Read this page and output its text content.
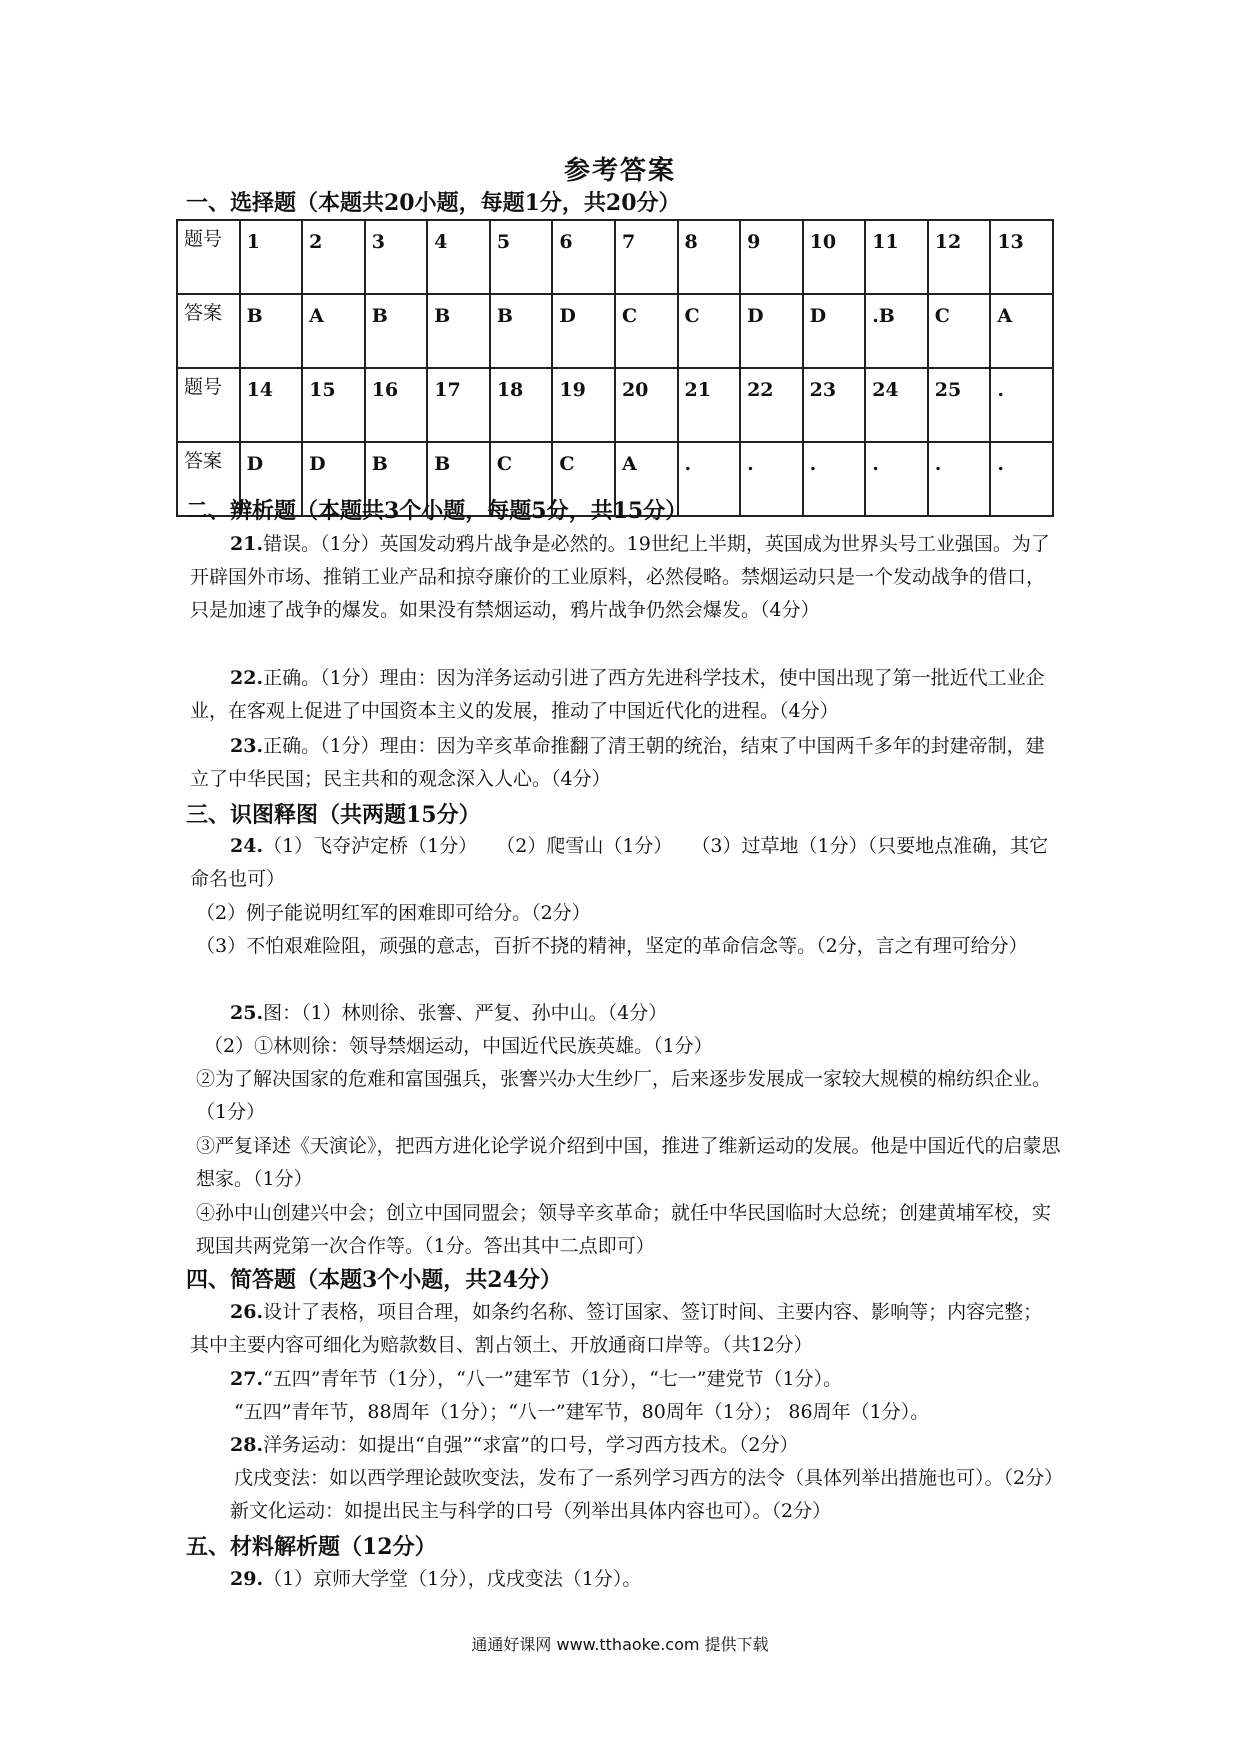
参考答案
一、选择题（本题共20小题，每题1分，共20分）
题号	1	2	3	4	5	6	7	8	9	10	11	12	13
答案	B	A	B	B	B	D	C	C	D	D	.B	C	A
题号	14	15	16	17	18	19	20	21	22	23	24	25	.
答案	D	D	B	B	C	C	A	.	.	.	.	.	.
二、辨析题（本题共3个小题，每题5分，共15分）
21.错误。（1分）英国发动鸦片战争是必然的。19世纪上半期，英国成为世界头号工业强国。为了开辟国外市场、推销工业产品和掠夺廉价的工业原料，必然侵略。禁烟运动只是一个发动战争的借口，只是加速了战争的爆发。如果没有禁烟运动，鸦片战争仍然会爆发。（4分）
22.正确。（1分）理由：因为洋务运动引进了西方先进科学技术，使中国出现了第一批近代工业企业，在客观上促进了中国资本主义的发展，推动了中国近代化的进程。（4分）
23.正确。（1分）理由：因为辛亥革命推翻了清王朝的统治，结束了中国两千多年的封建帝制，建立了中华民国；民主共和的观念深入人心。（4分）
三、识图释图（共两题15分）
24.（1）飞夺泸定桥（1分）　　（2）爬雪山（1分）　　（3）过草地（1分）（只要地点准确，其它命名也可）
（2）例子能说明红军的困难即可给分。（2分）
（3）不怕艰难险阻，顽强的意志，百折不挠的精神，坚定的革命信念等。（2分，言之有理可给分）
25.图：（1）林则徐、张謇、严复、孙中山。（4分）
（2）①林则徐：领导禁烟运动，中国近代民族英雄。（1分）
②为了解决国家的危难和富国强兵，张謇兴办大生纱厂，后来逐步发展成一家较大规模的棉纺织企业。（1分）
③严复译述《天演论》，把西方进化论学说介绍到中国，推进了维新运动的发展。他是中国近代的启蒙思想家。（1分）
④孙中山创建兴中会；创立中国同盟会；领导辛亥革命；就任中华民国临时大总统；创建黄埔军校，实现国共两党第一次合作等。（1分。答出其中二点即可）
四、简答题（本题3个小题，共24分）
26.设计了表格，项目合理，如条约名称、签订国家、签订时间、主要内容、影响等；内容完整；其中主要内容可细化为赔款数目、割占领土、开放通商口岸等。（共12分）
27.“五四”青年节（1分），“八一”建军节（1分），“七一”建党节（1分）。
“五四”青年节，88周年（1分）；“八一”建军节，80周年（1分）； 86周年（1分）。
28.洋务运动：如提出“自强”“求富”的口号，学习西方技术。（2分）
戊戌变法：如以西学理论鼓吹变法，发布了一系列学习西方的法令（具体列举出措施也可）。（2分）
新文化运动：如提出民主与科学的口号（列举出具体内容也可）。（2分）
五、材料解析题（12分）
29.（1）京师大学堂（1分），戊戌变法（1分）。
通通好课网 www.tthaoke.com 提供下载
